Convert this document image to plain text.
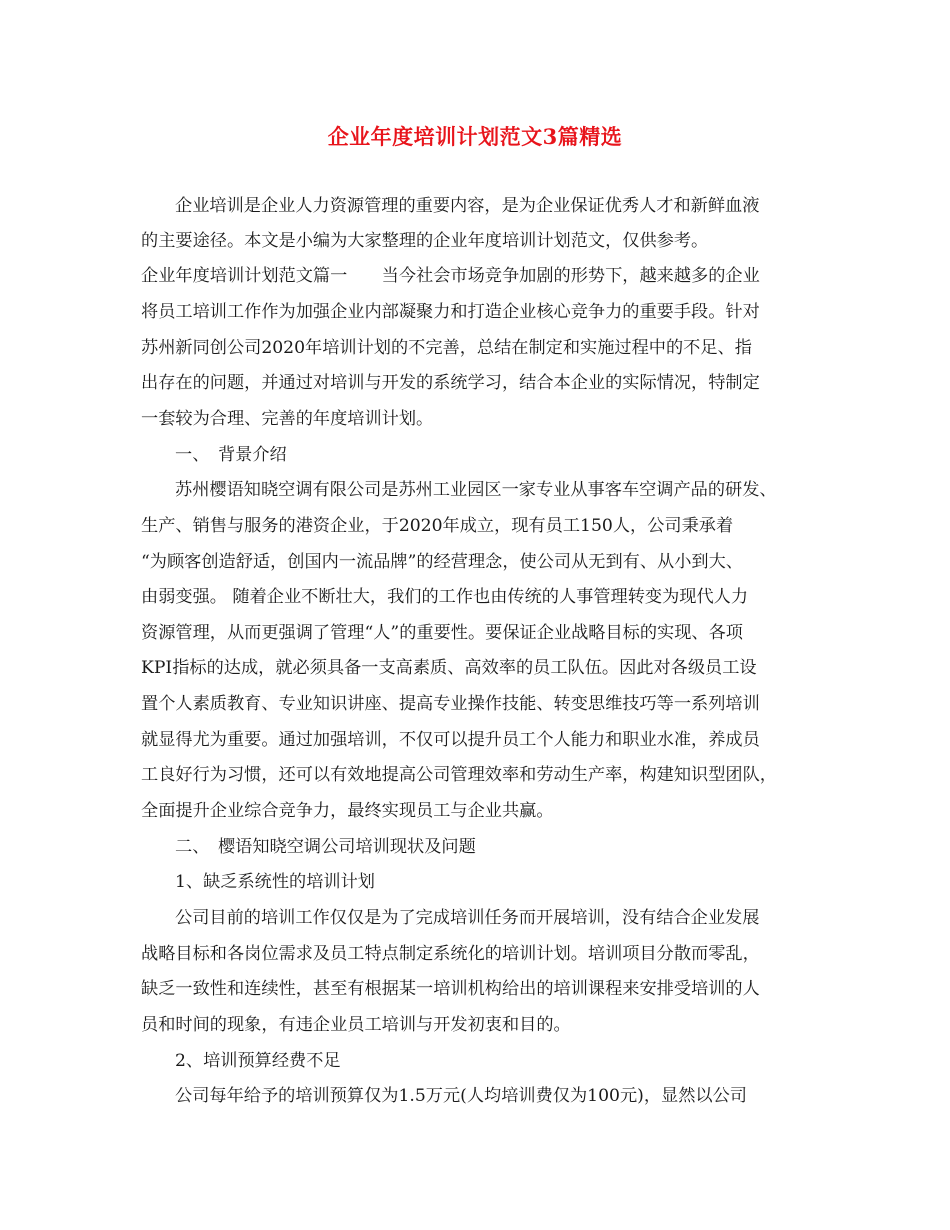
企业年度培训计划范文3篇精选

企业培训是企业人力资源管理的重要内容，是为企业保证优秀人才和新鲜血液

的主要途径。本文是小编为大家整理的企业年度培训计划范文，仅供参考。

企业年度培训计划范文篇一　　当今社会市场竞争加剧的形势下，越来越多的企业

将员工培训工作作为加强企业内部凝聚力和打造企业核心竞争力的重要手段。针对

苏州新同创公司2020年培训计划的不完善，总结在制定和实施过程中的不足、指

出存在的问题，并通过对培训与开发的系统学习，结合本企业的实际情况，特制定

一套较为合理、完善的年度培训计划。

一、　背景介绍

苏州樱语知晓空调有限公司是苏州工业园区一家专业从事客车空调产品的研发、

生产、销售与服务的港资企业，于2020年成立，现有员工150人，公司秉承着

“为顾客创造舒适，创国内一流品牌”的经营理念，使公司从无到有、从小到大、

由弱变强。 随着企业不断壮大，我们的工作也由传统的人事管理转变为现代人力

资源管理，从而更强调了管理“人”的重要性。要保证企业战略目标的实现、各项

KPI指标的达成，就必须具备一支高素质、高效率的员工队伍。因此对各级员工设

置个人素质教育、专业知识讲座、提高专业操作技能、转变思维技巧等一系列培训

就显得尤为重要。通过加强培训，不仅可以提升员工个人能力和职业水准，养成员

工良好行为习惯，还可以有效地提高公司管理效率和劳动生产率，构建知识型团队，

全面提升企业综合竞争力，最终实现员工与企业共赢。

二、　樱语知晓空调公司培训现状及问题

1、缺乏系统性的培训计划

公司目前的培训工作仅仅是为了完成培训任务而开展培训，没有结合企业发展

战略目标和各岗位需求及员工特点制定系统化的培训计划。培训项目分散而零乱，

缺乏一致性和连续性，甚至有根据某一培训机构给出的培训课程来安排受培训的人

员和时间的现象，有违企业员工培训与开发初衷和目的。

2、培训预算经费不足

公司每年给予的培训预算仅为1.5万元(人均培训费仅为100元)，显然以公司
